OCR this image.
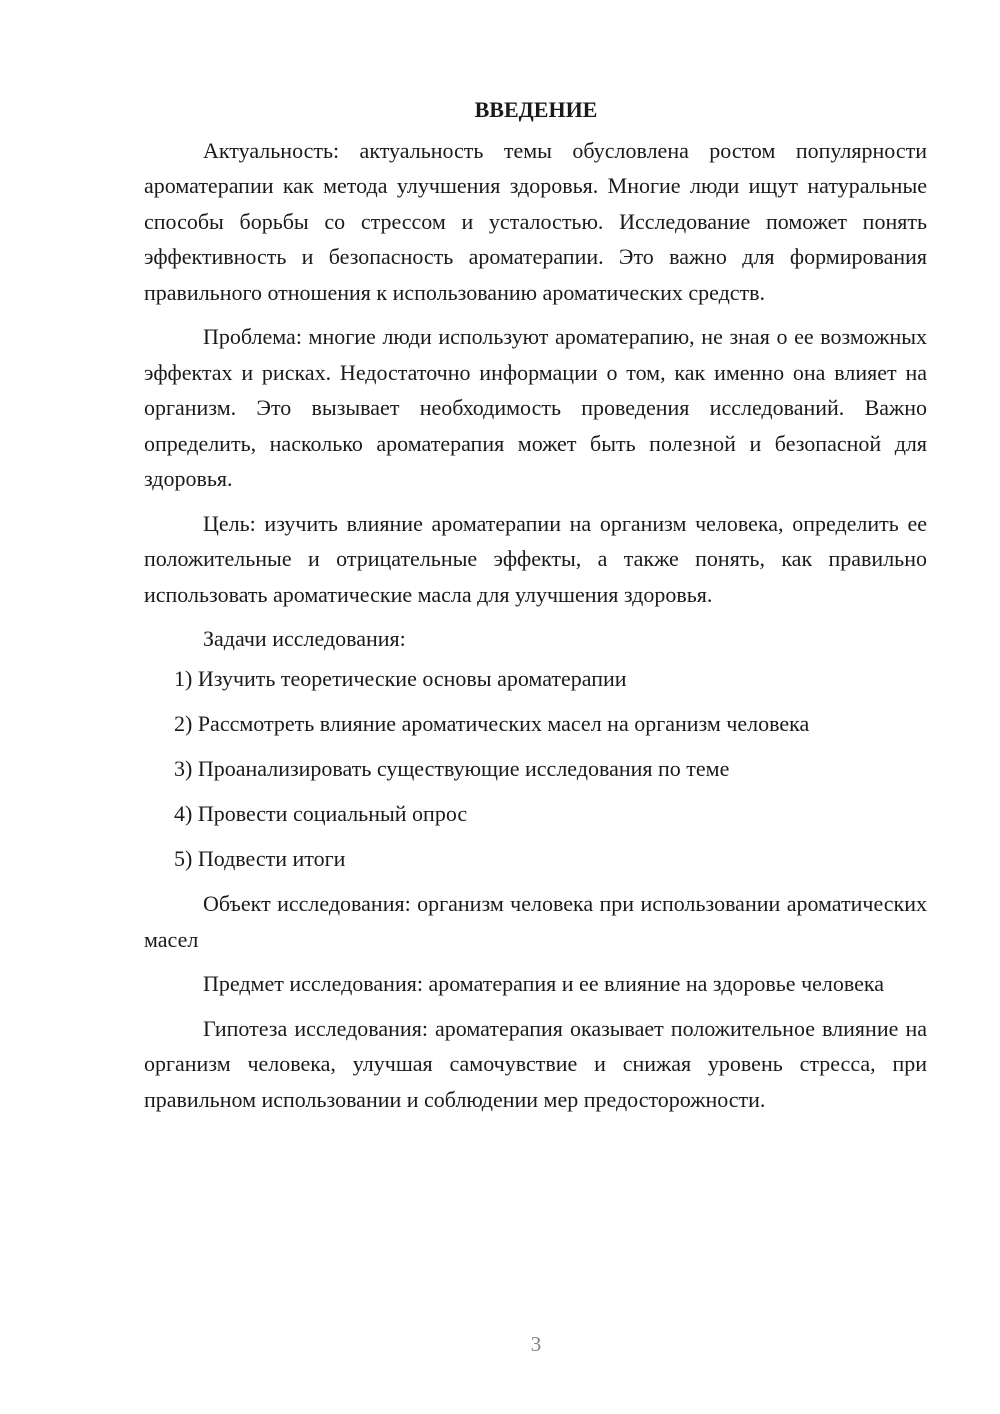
ВВЕДЕНИЕ

Актуальность: актуальность темы обусловлена ростом популярности ароматерапии как метода улучшения здоровья. Многие люди ищут натуральные способы борьбы со стрессом и усталостью. Исследование поможет понять эффективность и безопасность ароматерапии. Это важно для формирования правильного отношения к использованию ароматических средств.

Проблема: многие люди используют ароматерапию, не зная о ее возможных эффектах и рисках. Недостаточно информации о том, как именно она влияет на организм. Это вызывает необходимость проведения исследований. Важно определить, насколько ароматерапия может быть полезной и безопасной для здоровья.

Цель: изучить влияние ароматерапии на организм человека, определить ее положительные и отрицательные эффекты, а также понять, как правильно использовать ароматические масла для улучшения здоровья.

Задачи исследования:

1) Изучить теоретические основы ароматерапии
2) Рассмотреть влияние ароматических масел на организм человека
3) Проанализировать существующие исследования по теме
4) Провести социальный опрос
5) Подвести итоги

Объект исследования: организм человека при использовании ароматических масел

Предмет исследования: ароматерапия и ее влияние на здоровье человека

Гипотеза исследования: ароматерапия оказывает положительное влияние на организм человека, улучшая самочувствие и снижая уровень стресса, при правильном использовании и соблюдении мер предосторожности.

3
